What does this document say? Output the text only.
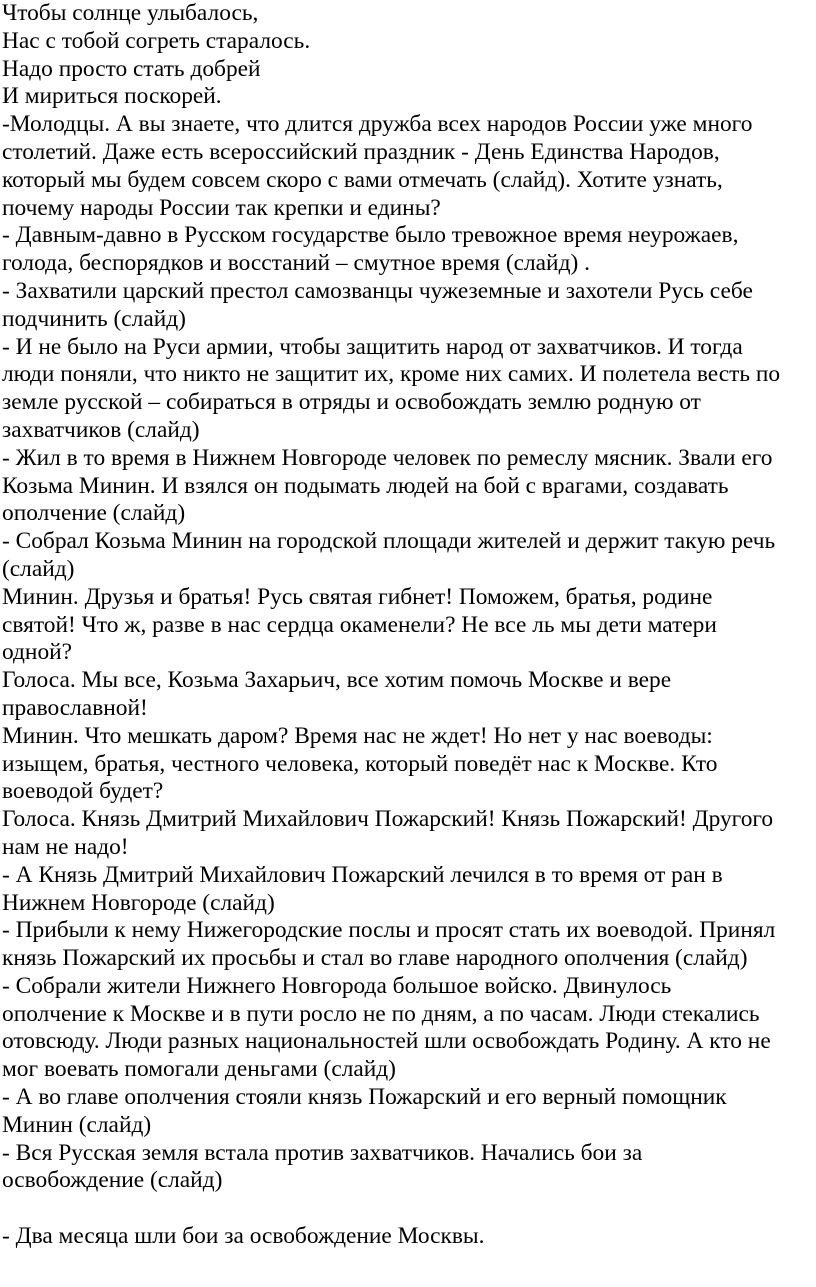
Чтобы солнце улыбалось,
Нас с тобой согреть старалось.
Надо просто стать добрей
И мириться поскорей.
-Молодцы. А вы знаете, что длится дружба всех народов России уже много
столетий. Даже есть всероссийский праздник - День Единства Народов,
который мы будем совсем скоро с вами отмечать (слайд). Хотите узнать,
почему народы России так крепки и едины?
- Давным-давно в Русском государстве было тревожное время неурожаев,
голода, беспорядков и восстаний – смутное время (слайд) .
- Захватили царский престол самозванцы чужеземные и захотели Русь себе
подчинить (слайд)
- И не было на Руси армии, чтобы защитить народ от захватчиков. И тогда
люди поняли, что никто не защитит их, кроме них самих. И полетела весть по
земле русской – собираться в отряды и освобождать землю родную от
захватчиков (слайд)
- Жил в то время в Нижнем Новгороде человек по ремеслу мясник. Звали его
Козьма Минин. И взялся он подымать людей на бой с врагами, создавать
ополчение (слайд)
- Собрал Козьма Минин на городской площади жителей и держит такую речь
(слайд)
Минин. Друзья и братья! Русь святая гибнет! Поможем, братья, родине
святой! Что ж, разве в нас сердца окаменели? Не все ль мы дети матери
одной?
Голоса. Мы все, Козьма Захарьич, все хотим помочь Москве и вере
православной!
Минин. Что мешкать даром? Время нас не ждет! Но нет у нас воеводы:
изыщем, братья, честного человека, который поведёт нас к Москве. Кто
воеводой будет?
Голоса. Князь Дмитрий Михайлович Пожарский! Князь Пожарский! Другого
нам не надо!
- А Князь Дмитрий Михайлович Пожарский лечился в то время от ран в
Нижнем Новгороде (слайд)
- Прибыли к нему Нижегородские послы и просят стать их воеводой. Принял
князь Пожарский их просьбы и стал во главе народного ополчения (слайд)
- Собрали жители Нижнего Новгорода большое войско. Двинулось
ополчение к Москве и в пути росло не по дням, а по часам. Люди стекались
отовсюду. Люди разных национальностей шли освобождать Родину. А кто не
мог воевать помогали деньгами (слайд)
- А во главе ополчения стояли князь Пожарский и его верный помощник
Минин (слайд)
- Вся Русская земля встала против захватчиков. Начались бои за
освобождение (слайд)
- Два месяца шли бои за освобождение Москвы.
